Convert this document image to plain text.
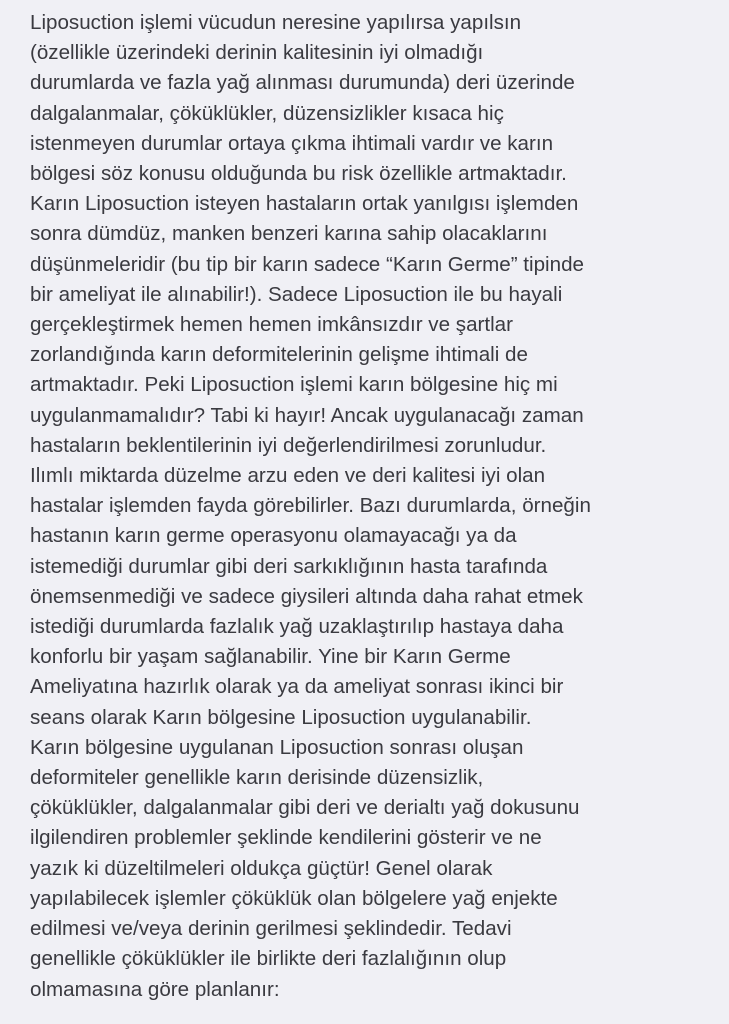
Liposuction işlemi vücudun neresine yapılırsa yapılsın
(özellikle üzerindeki derinin kalitesinin iyi olmadığı
durumlarda ve fazla yağ alınması durumunda) deri üzerinde
dalgalanmalar, çöküklükler, düzensizlikler kısaca hiç
istenmeyen durumlar ortaya çıkma ihtimali vardır ve karın
bölgesi söz konusu olduğunda bu risk özellikle artmaktadır.
Karın Liposuction isteyen hastaların ortak yanılgısı işlemden
sonra dümdüz, manken benzeri karına sahip olacaklarını
düşünmeleridir (bu tip bir karın sadece “Karın Germe” tipinde
bir ameliyat ile alınabilir!). Sadece Liposuction ile bu hayali
gerçekleştirmek hemen hemen imkânsızdır ve şartlar
zorlandığında karın deformitelerinin gelişme ihtimali de
artmaktadır. Peki Liposuction işlemi karın bölgesine hiç mi
uygulanmamalıdır? Tabi ki hayır! Ancak uygulanacağı zaman
hastaların beklentilerinin iyi değerlendirilmesi zorunludur.
Ilımlı miktarda düzelme arzu eden ve deri kalitesi iyi olan
hastalar işlemden fayda görebilirler. Bazı durumlarda, örneğin
hastanın karın germe operasyonu olamayacağı ya da
istemediği durumlar gibi deri sarkıklığının hasta tarafında
önemsenmediği ve sadece giysileri altında daha rahat etmek
istediği durumlarda fazlalık yağ uzaklaştırılıp hastaya daha
konforlu bir yaşam sağlanabilir. Yine bir Karın Germe
Ameliyatına hazırlık olarak ya da ameliyat sonrası ikinci bir
seans olarak Karın bölgesine Liposuction uygulanabilir.
Karın bölgesine uygulanan Liposuction sonrası oluşan
deformiteler genellikle karın derisinde düzensizlik,
çöküklükler, dalgalanmalar gibi deri ve derialtı yağ dokusunu
ilgilendiren problemler şeklinde kendilerini gösterir ve ne
yazık ki düzeltilmeleri oldukça güçtür! Genel olarak
yapılabilecek işlemler çöküklük olan bölgelere yağ enjekte
edilmesi ve/veya derinin gerilmesi şeklindedir. Tedavi
genellikle çöküklükler ile birlikte deri fazlalığının olup
olmamasına göre planlanır:
